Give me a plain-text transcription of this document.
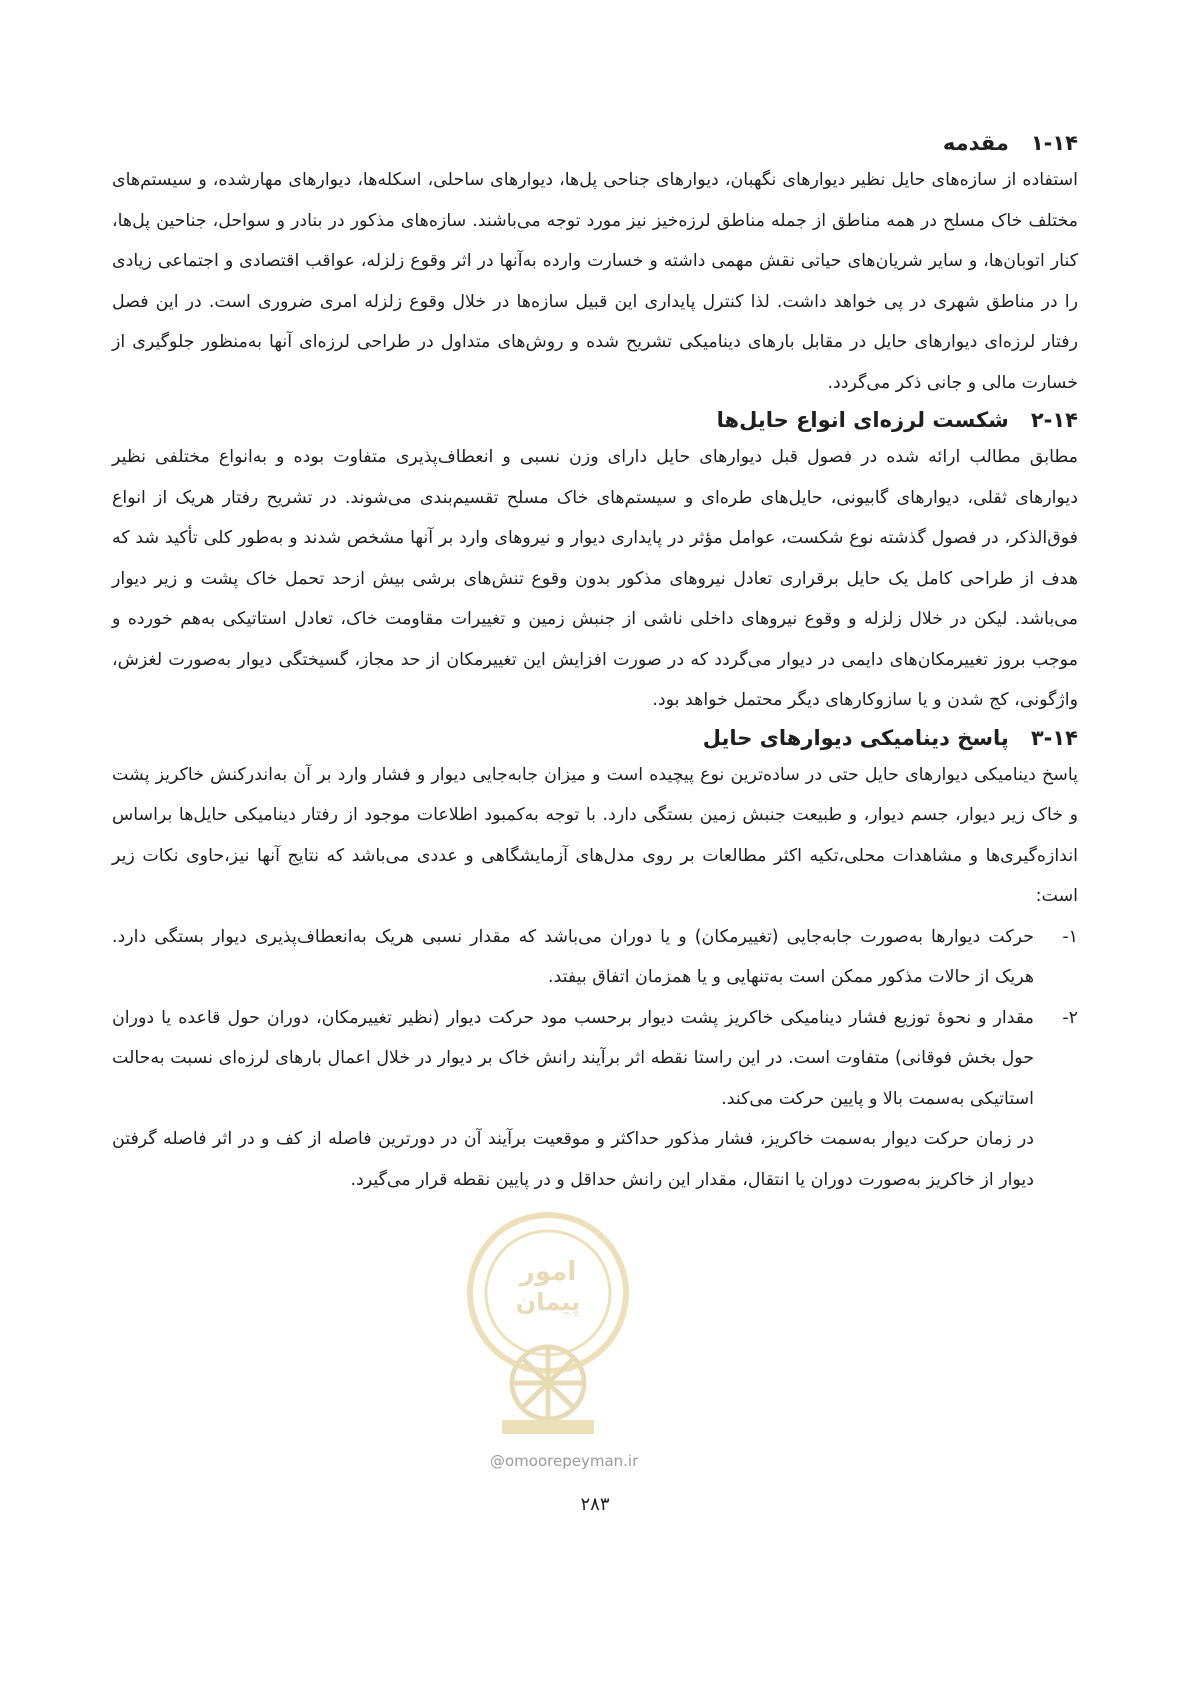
۱-۱۴
مقدمه

استفاده از سازه‌های حایل نظیر دیوارهای نگهبان، دیوارهای جناحی پل‌ها، دیوارهای ساحلی، اسکله‌ها، دیوارهای مهارشده، و سیستم‌های مختلف خاک مسلح در همه مناطق از جمله مناطق لرزه‌خیز نیز مورد توجه می‌باشند. سازه‌های مذکور در بنادر و سواحل، جناحین پل‌ها، کنار اتوبان‌ها، و سایر شریان‌های حیاتی نقش مهمی داشته و خسارت وارده به‌آنها در اثر وقوع زلزله، عواقب اقتصادی و اجتماعی زیادی را در مناطق شهری در پی خواهد داشت. لذا کنترل پایداری این قبیل سازه‌ها در خلال وقوع زلزله امری ضروری است. در این فصل رفتار لرزه‌ای دیوارهای حایل در مقابل بارهای دینامیکی تشریح شده و روش‌های متداول در طراحی لرزه‌ای آنها به‌منظور جلوگیری از خسارت مالی و جانی ذکر می‌گردد.

۲-۱۴
شکست لرزه‌ای انواع حایل‌ها

مطابق مطالب ارائه شده در فصول قبل دیوارهای حایل دارای وزن نسبی و انعطاف‌پذیری متفاوت بوده و به‌انواع مختلفی نظیر دیوارهای ثقلی، دیوارهای گابیونی، حایل‌های طره‌ای و سیستم‌های خاک مسلح تقسیم‌بندی می‌شوند. در تشریح رفتار هریک از انواع فوق‌الذکر، در فصول گذشته نوع شکست، عوامل مؤثر در پایداری دیوار و نیروهای وارد بر آنها مشخص شدند و به‌طور کلی تأکید شد که هدف از طراحی کامل یک حایل برقراری تعادل نیروهای مذکور بدون وقوع تنش‌های برشی بیش ازحد تحمل خاک پشت و زیر دیوار می‌باشد. لیکن در خلال زلزله و وقوع نیروهای داخلی ناشی از جنبش زمین و تغییرات مقاومت خاک، تعادل استاتیکی به‌هم خورده و موجب بروز تغییرمکان‌های دایمی در دیوار می‌گردد که در صورت افزایش این تغییرمکان از حد مجاز، گسیختگی دیوار به‌صورت لغزش، واژگونی، کج شدن و یا سازوکارهای دیگر محتمل خواهد بود.

۳-۱۴
پاسخ دینامیکی دیوارهای حایل

پاسخ دینامیکی دیوارهای حایل حتی در ساده‌ترین نوع پیچیده است و میزان جابه‌جایی دیوار و فشار وارد بر آن به‌اندرکنش خاکریز پشت و خاک زیر دیوار، جسم دیوار، و طبیعت جنبش زمین بستگی دارد. با توجه به‌کمبود اطلاعات موجود از رفتار دینامیکی حایل‌ها براساس اندازه‌گیری‌ها و مشاهدات محلی،تکیه اکثر مطالعات بر روی مدل‌های آزمایشگاهی و عددی می‌باشد که نتایج آنها نیز،حاوی نکات زیر است:

۱-
حرکت دیوارها به‌صورت جابه‌جایی (تغییرمکان) و یا دوران می‌باشد که مقدار نسبی هریک به‌انعطاف‌پذیری دیوار بستگی دارد. هریک از حالات مذکور ممکن است به‌تنهایی و یا همزمان اتفاق بیفتد.
۲-
مقدار و نحوۀ توزیع فشار دینامیکی خاکریز پشت دیوار برحسب مود حرکت دیوار (نظیر تغییرمکان، دوران حول قاعده یا دوران حول بخش فوقانی) متفاوت است. در این راستا نقطه اثر برآیند رانش خاک بر دیوار در خلال اعمال بارهای لرزه‌ای نسبت به‌حالت استاتیکی به‌سمت بالا و پایین حرکت می‌کند.

در زمان حرکت دیوار به‌سمت خاکریز، فشار مذکور حداکثر و موقعیت برآیند آن در دورترین فاصله از کف و در اثر فاصله گرفتن دیوار از خاکریز به‌صورت دوران یا انتقال، مقدار این رانش حداقل و در پایین نقطه قرار می‌گیرد.

امور
پیمان
@omoorepeyman.ir
۲۸۳
